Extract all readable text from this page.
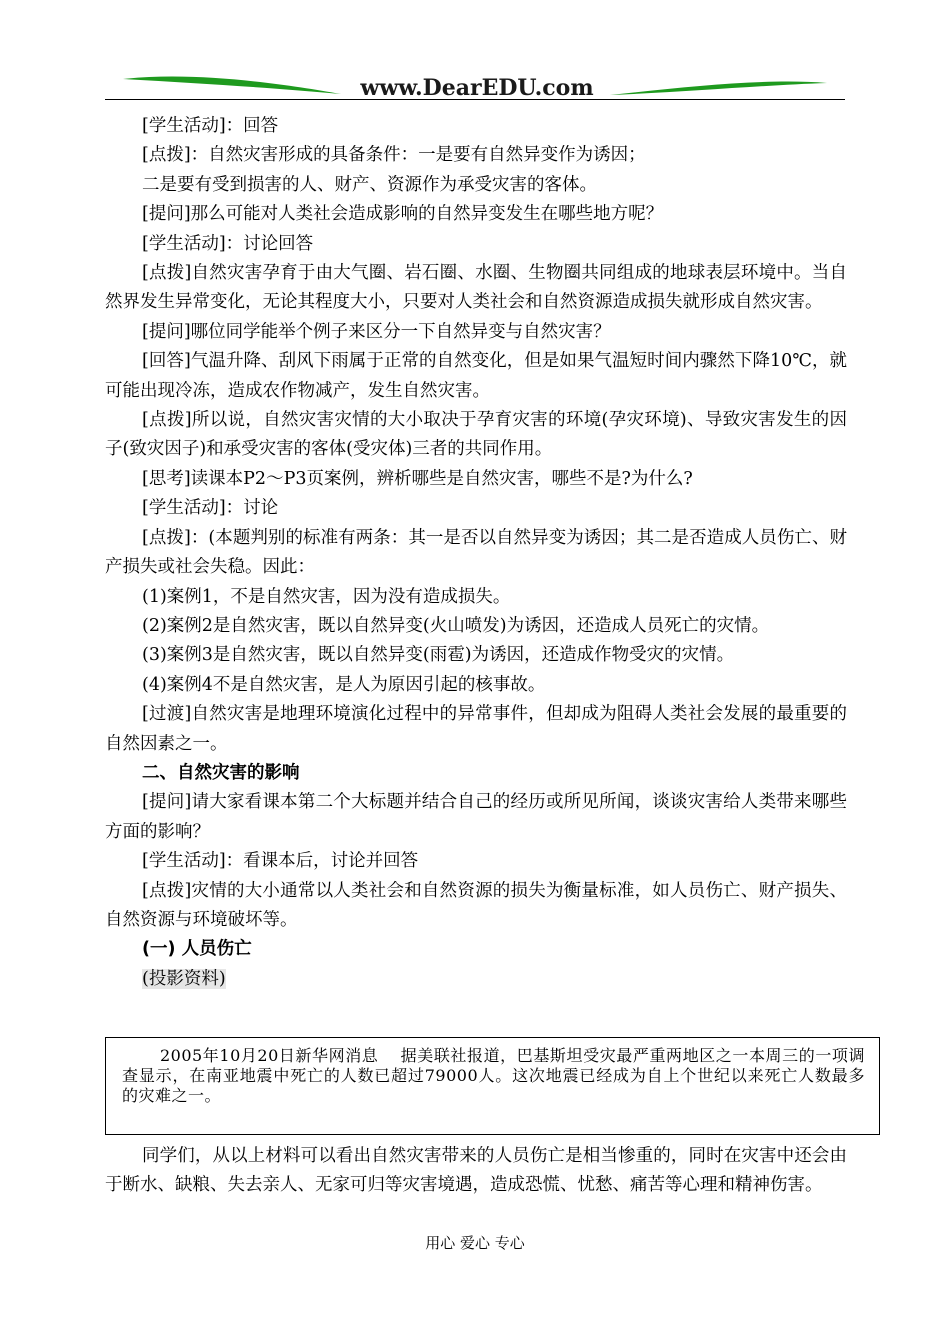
www.DearEDU.com

[学生活动]：回答

[点拨]：自然灾害形成的具备条件：一是要有自然异变作为诱因；

二是要有受到损害的人、财产、资源作为承受灾害的客体。

[提问]那么可能对人类社会造成影响的自然异变发生在哪些地方呢？

[学生活动]：讨论回答

[点拨]自然灾害孕育于由大气圈、岩石圈、水圈、生物圈共同组成的地球表层环境中。当自然界发生异常变化，无论其程度大小，只要对人类社会和自然资源造成损失就形成自然灾害。

[提问]哪位同学能举个例子来区分一下自然异变与自然灾害？

[回答]气温升降、刮风下雨属于正常的自然变化，但是如果气温短时间内骤然下降10℃，就可能出现冷冻，造成农作物减产，发生自然灾害。

[点拨]所以说，自然灾害灾情的大小取决于孕育灾害的环境(孕灾环境)、导致灾害发生的因子(致灾因子)和承受灾害的客体(受灾体)三者的共同作用。

[思考]读课本P2～P3页案例，辨析哪些是自然灾害，哪些不是?为什么?

[学生活动]：讨论

[点拨]：(本题判别的标准有两条：其一是否以自然异变为诱因；其二是否造成人员伤亡、财产损失或社会失稳。因此：

(1)案例1，不是自然灾害，因为没有造成损失。

(2)案例2是自然灾害，既以自然异变(火山喷发)为诱因，还造成人员死亡的灾情。

(3)案例3是自然灾害，既以自然异变(雨雹)为诱因，还造成作物受灾的灾情。

(4)案例4不是自然灾害，是人为原因引起的核事故。

[过渡]自然灾害是地理环境演化过程中的异常事件，但却成为阻碍人类社会发展的最重要的自然因素之一。

二、自然灾害的影响

[提问]请大家看课本第二个大标题并结合自己的经历或所见所闻，谈谈灾害给人类带来哪些方面的影响？

[学生活动]：看课本后，讨论并回答

[点拨]灾情的大小通常以人类社会和自然资源的损失为衡量标准，如人员伤亡、财产损失、自然资源与环境破坏等。

(一) 人员伤亡

(投影资料)

2005年10月20日新华网消息　 据美联社报道，巴基斯坦受灾最严重两地区之一本周三的一项调查显示，在南亚地震中死亡的人数已超过79000人。这次地震已经成为自上个世纪以来死亡人数最多的灾难之一。

同学们，从以上材料可以看出自然灾害带来的人员伤亡是相当惨重的，同时在灾害中还会由于断水、缺粮、失去亲人、无家可归等灾害境遇，造成恐慌、忧愁、痛苦等心理和精神伤害。

用心 爱心 专心
